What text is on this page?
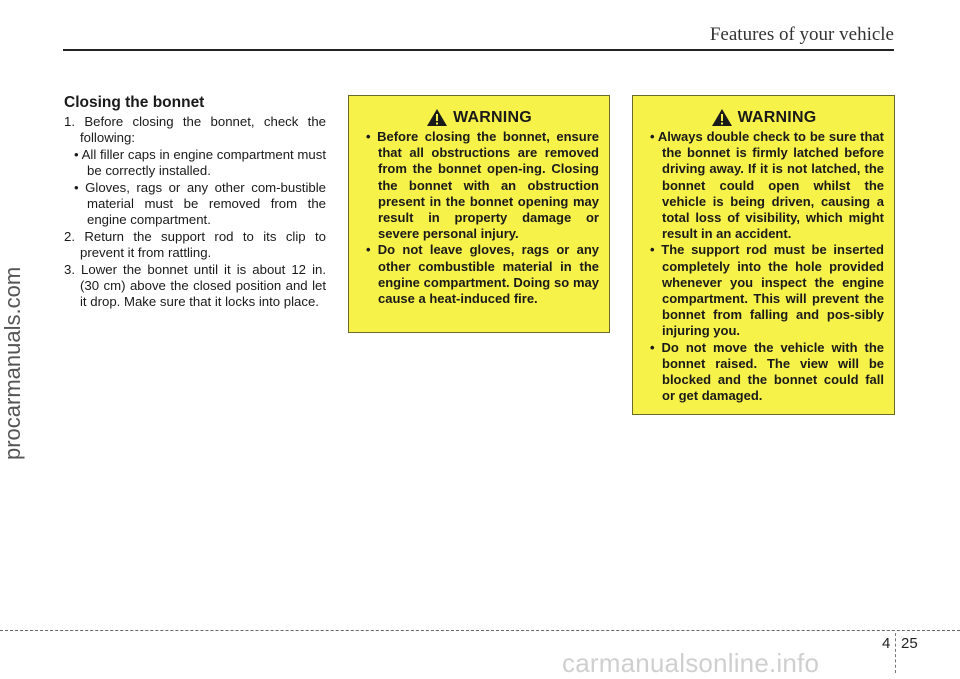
Features of your vehicle
procarmanuals.com
Closing the bonnet

1. Before closing the bonnet, check the following:

• All filler caps in engine compartment must be correctly installed.

• Gloves, rags or any other com-bustible material must be removed from the engine compartment.

2. Return the support rod to its clip to prevent it from rattling.

3. Lower the bonnet until it is about 12 in. (30 cm) above the closed position and let it drop. Make sure that it locks into place.

WARNING

• Before closing the bonnet, ensure that all obstructions are removed from the bonnet open-ing. Closing the bonnet with an obstruction present in the bonnet opening may result in property damage or severe personal injury.

• Do not leave gloves, rags or any other combustible material in the engine compartment. Doing so may cause a heat-induced fire.

WARNING

• Always double check to be sure that the bonnet is firmly latched before driving away. If it is not latched, the bonnet could open whilst the vehicle is being driven, causing a total loss of visibility, which might result in an accident.

• The support rod must be inserted completely into the hole provided whenever you inspect the engine compartment. This will prevent the bonnet from falling and pos-sibly injuring you.

• Do not move the vehicle with the bonnet raised. The view will be blocked and the bonnet could fall or get damaged.

4 25
carmanualsonline.info
